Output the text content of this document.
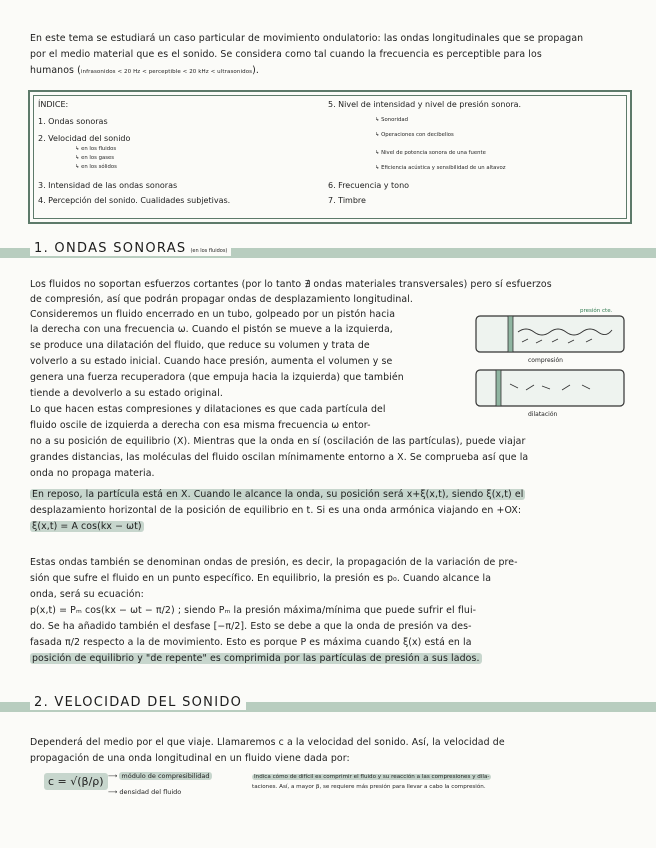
En este tema se estudiará un caso particular de movimiento ondulatorio: las ondas longitudinales que se propagan
por el medio material que es el sonido. Se considera como tal cuando la frecuencia es perceptible para los
humanos (infrasonidos < 20 Hz < perceptible < 20 kHz < ultrasonidos).
ÍNDICE:
1. Ondas sonoras
2. Velocidad del sonido
↳ en los fluidos
↳ en los gases
↳ en los sólidos
3. Intensidad de las ondas sonoras
4. Percepción del sonido. Cualidades subjetivas.
5. Nivel de intensidad y nivel de presión sonora.
↳ Sonoridad
↳ Operaciones con decibelios
↳ Nivel de potencia sonora de una fuente
↳ Eficiencia acústica y sensibilidad de un altavoz
6. Frecuencia y tono
7. Timbre
1. ONDAS SONORAS (en los fluidos)
Los fluidos no soportan esfuerzos cortantes (por lo tanto ∄ ondas materiales transversales) pero sí esfuerzos
de compresión, así que podrán propagar ondas de desplazamiento longitudinal.
Consideremos un fluido encerrado en un tubo, golpeado por un pistón hacia
la derecha con una frecuencia ω. Cuando el pistón se mueve a la izquierda,
se produce una dilatación del fluido, que reduce su volumen y trata de
volverlo a su estado inicial. Cuando hace presión, aumenta el volumen y se
genera una fuerza recuperadora (que empuja hacia la izquierda) que también
tiende a devolverlo a su estado original.
Lo que hacen estas compresiones y dilataciones es que cada partícula del
fluido oscile de izquierda a derecha con esa misma frecuencia ω entor-
no a su posición de equilibrio (X). Mientras que la onda en sí (oscilación de las partículas), puede viajar
grandes distancias, las moléculas del fluido oscilan mínimamente entorno a X. Se comprueba así que la
onda no propaga materia.
presión cte.
compresión
dilatación
En reposo, la partícula está en X. Cuando le alcance la onda, su posición será x+ξ(x,t), siendo ξ(x,t) el
desplazamiento horizontal de la posición de equilibrio en t. Si es una onda armónica viajando en +OX:
ξ(x,t) = A cos(kx − ωt)
Estas ondas también se denominan ondas de presión, es decir, la propagación de la variación de pre-
sión que sufre el fluido en un punto específico. En equilibrio, la presión es p₀. Cuando alcance la
onda, será su ecuación:
p(x,t) = Pₘ cos(kx − ωt − π/2) ; siendo Pₘ la presión máxima/mínima que puede sufrir el flui-
do. Se ha añadido también el desfase [−π/2]. Esto se debe a que la onda de presión va des-
fasada π/2 respecto a la de movimiento. Esto es porque P es máxima cuando ξ(x) está en la
posición de equilibrio y "de repente" es comprimida por las partículas de presión a sus lados.
2. VELOCIDAD DEL SONIDO
Dependerá del medio por el que viaje. Llamaremos c a la velocidad del sonido. Así, la velocidad de
propagación de una onda longitudinal en un fluido viene dada por:
c = √(β/ρ) ⟶ módulo de compresibilidad
⟶ densidad del fluido
Indica cómo de difícil es comprimir el fluido y su reacción a las compresiones y dila-
taciones. Así, a mayor β, se requiere más presión para llevar a cabo la compresión.
